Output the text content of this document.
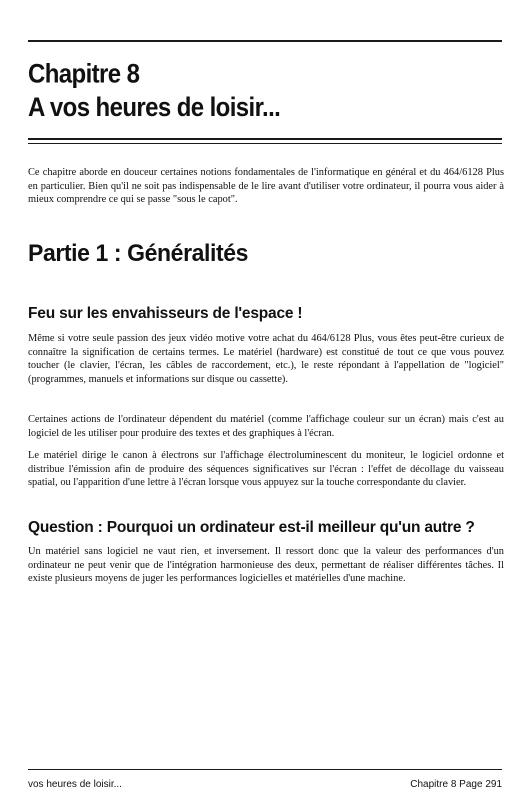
Chapitre 8
A vos heures de loisir...

Ce chapitre aborde en douceur certaines notions fondamentales de l'informatique en général et du 464/6128 Plus en particulier. Bien qu'il ne soit pas indispensable de le lire avant d'utiliser votre ordinateur, il pourra vous aider à mieux comprendre ce qui se passe "sous le capot".

Partie 1 : Généralités
Feu sur les envahisseurs de l'espace !

Même si votre seule passion des jeux vidéo motive votre achat du 464/6128 Plus, vous êtes peut-être curieux de connaître la signification de certains termes. Le matériel (hardware) est constitué de tout ce que vous pouvez toucher (le clavier, l'écran, les câbles de raccordement, etc.), le reste répondant à l'appellation de "logiciel" (programmes, manuels et informations sur disque ou cassette).

Certaines actions de l'ordinateur dépendent du matériel (comme l'affichage couleur sur un écran) mais c'est au logiciel de les utiliser pour produire des textes et des graphiques à l'écran.

Le matériel dirige le canon à électrons sur l'affichage électroluminescent du moniteur, le logiciel ordonne et distribue l'émission afin de produire des séquences significatives sur l'écran : l'effet de décollage du vaisseau spatial, ou l'apparition d'une lettre à l'écran lorsque vous appuyez sur la touche correspondante du clavier.

Question : Pourquoi un ordinateur est-il meilleur qu'un autre ?

Un matériel sans logiciel ne vaut rien, et inversement. Il ressort donc que la valeur des performances d'un ordinateur ne peut venir que de l'intégration harmonieuse des deux, permettant de réaliser différentes tâches. Il existe plusieurs moyens de juger les performances logicielles et matérielles d'une machine.

vos heures de loisir...	Chapitre 8 Page 291
